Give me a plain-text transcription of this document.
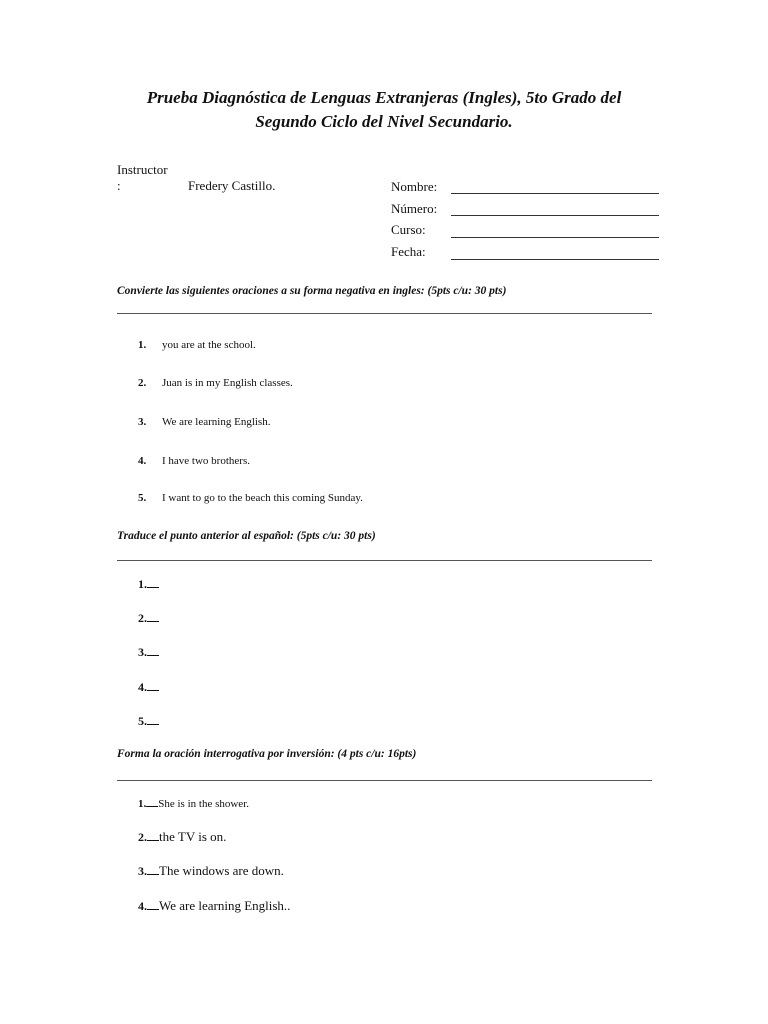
Prueba Diagnóstica de Lenguas Extranjeras (Ingles), 5to Grado del
Segundo Ciclo del Nivel Secundario.
Instructor
:	Fredery Castillo.	Nombre:
Número:
Curso:
Fecha:
Convierte las siguientes oraciones a su forma negativa en ingles: (5pts c/u: 30 pts)
1. you are at the school.
2. Juan is in my English classes.
3. We are learning English.
4. I have two brothers.
5. I want to go to the beach this coming Sunday.
Traduce el punto anterior al español: (5pts c/u: 30 pts)
1.
2.
3.
4.
5.
Forma la oración interrogativa por inversión: (4 pts c/u: 16pts)
1. She is in the shower.
2. the TV is on.
3. The windows are down.
4. We are learning English..
